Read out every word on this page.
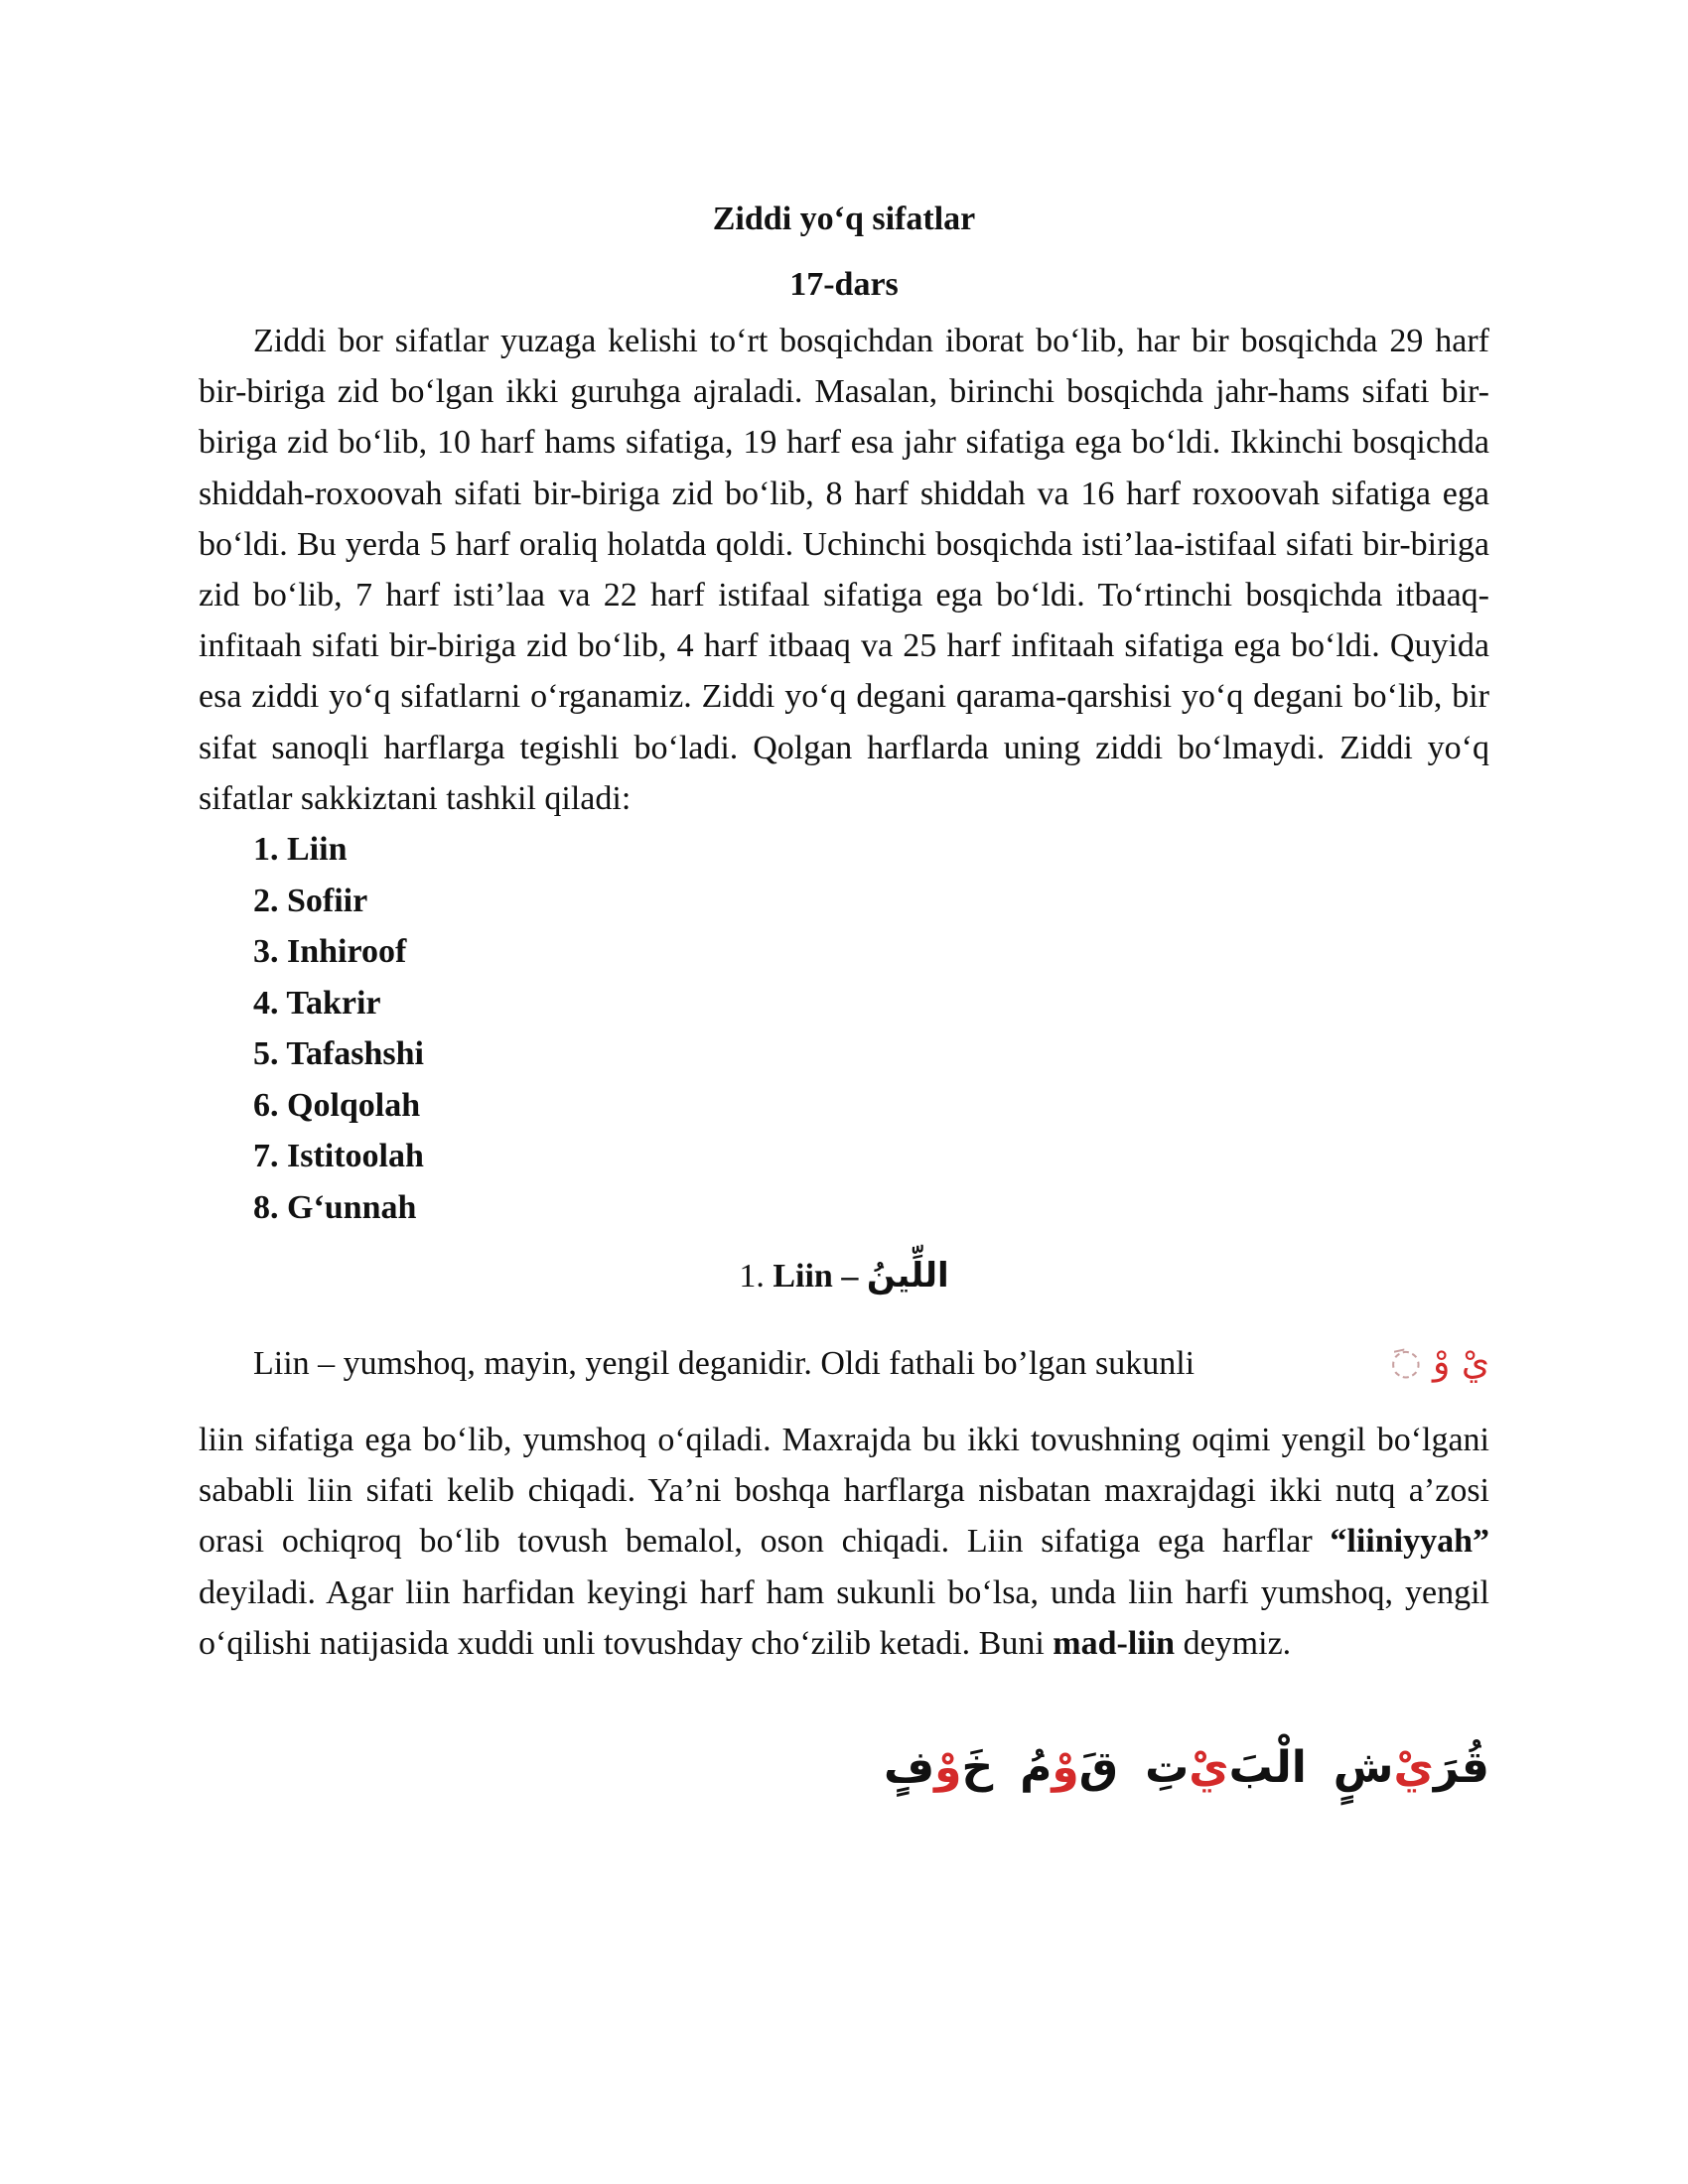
Ziddi yo‘q sifatlar
17-dars

Ziddi bor sifatlar yuzaga kelishi to‘rt bosqichdan iborat bo‘lib, har bir bosqichda 29 harf bir-biriga zid bo‘lgan ikki guruhga ajraladi. Masalan, birinchi bosqichda jahr-hams sifati bir-biriga zid bo‘lib, 10 harf hams sifatiga, 19 harf esa jahr sifatiga ega bo‘ldi. Ikkinchi bosqichda shiddah-roxoovah sifati bir-biriga zid bo‘lib, 8 harf shiddah va 16 harf roxoovah sifatiga ega bo‘ldi. Bu yerda 5 harf oraliq holatda qoldi. Uchinchi bosqichda isti’laa-istifaal sifati bir-biriga zid bo‘lib, 7 harf isti’laa va 22 harf istifaal sifatiga ega bo‘ldi. To‘rtinchi bosqichda itbaaq-infitaah sifati bir-biriga zid bo‘lib, 4 harf itbaaq va 25 harf infitaah sifatiga ega bo‘ldi. Quyida esa ziddi yo‘q sifatlarni o‘rganamiz. Ziddi yo‘q degani qarama-qarshisi yo‘q degani bo‘lib, bir sifat sanoqli harflarga tegishli bo‘ladi. Qolgan harflarda uning ziddi bo‘lmaydi. Ziddi yo‘q sifatlar sakkiztani tashkil qiladi:

1. Liin
2. Sofiir
3. Inhiroof
4. Takrir
5. Tafashshi
6. Qolqolah
7. Istitoolah
8. G‘unnah
1. Liin – اللِّينُ
Liin – yumshoq, mayin, yengil deganidir. Oldi fathali bo’lgan sukunli	يْ وْ ◌َ

liin sifatiga ega bo‘lib, yumshoq o‘qiladi. Maxrajda bu ikki tovushning oqimi yengil bo‘lgani sababli liin sifati kelib chiqadi. Ya’ni boshqa harflarga nisbatan maxrajdagi ikki nutq a’zosi orasi ochiqroq bo‘lib tovush bemalol, oson chiqadi. Liin sifatiga ega harflar “liiniyyah” deyiladi. Agar liin harfidan keyingi harf ham sukunli bo‘lsa, unda liin harfi yumshoq, yengil o‘qilishi natijasida xuddi unli tovushday cho‘zilib ketadi. Buni mad-liin deymiz.

خَوْفٍ	قَوْمُ	الْبَيْتِ	قُرَيْشٍ
